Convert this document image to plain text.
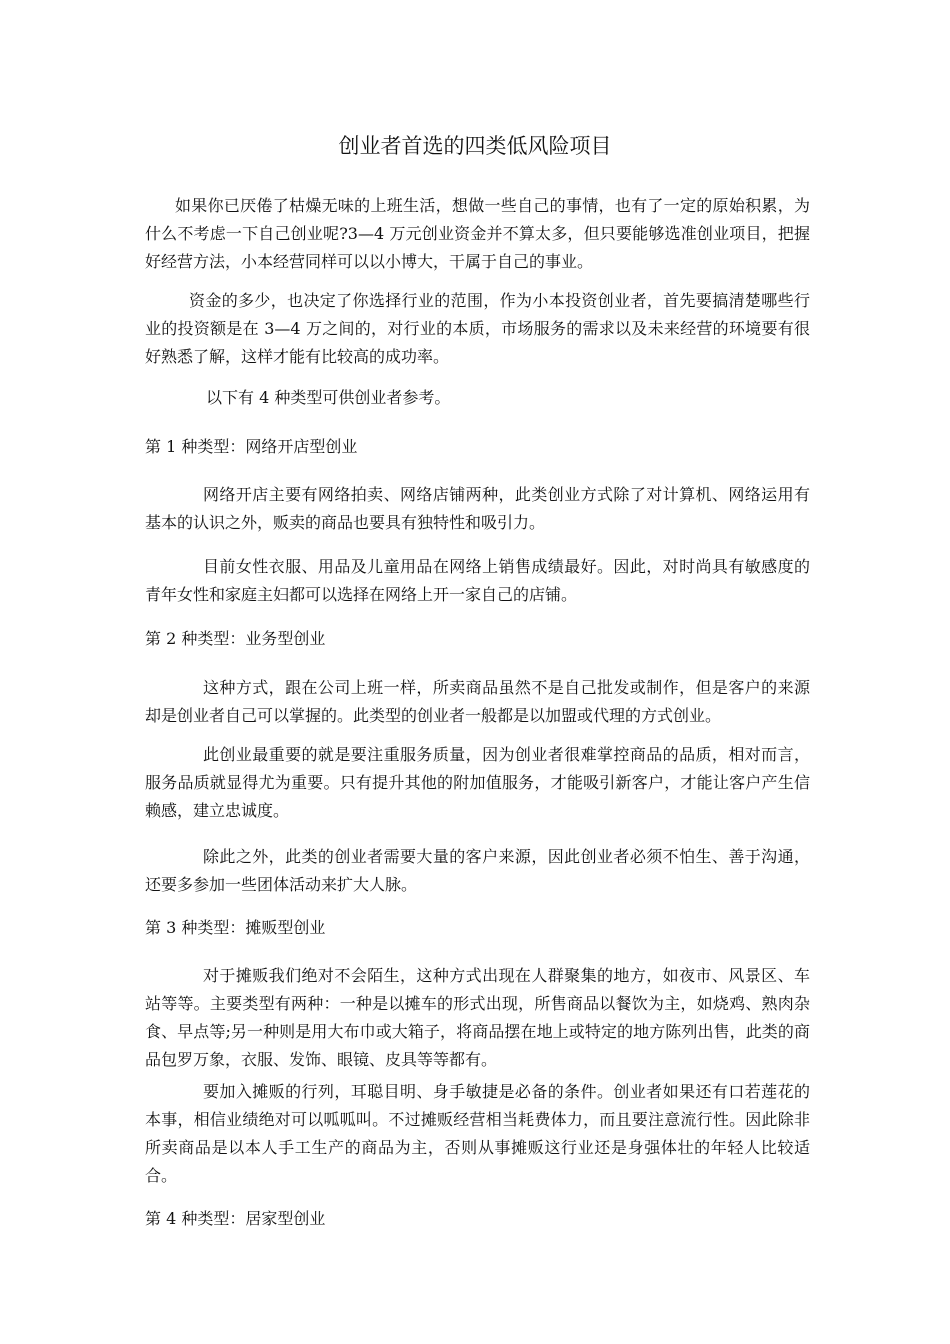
创业者首选的四类低风险项目

如果你已厌倦了枯燥无味的上班生活，想做一些自己的事情，也有了一定的原始积累，为什么不考虑一下自己创业呢?3—4 万元创业资金并不算太多，但只要能够选准创业项目，把握好经营方法，小本经营同样可以以小博大，干属于自己的事业。

资金的多少，也决定了你选择行业的范围，作为小本投资创业者，首先要搞清楚哪些行业的投资额是在 3—4 万之间的，对行业的本质，市场服务的需求以及未来经营的环境要有很好熟悉了解，这样才能有比较高的成功率。

以下有 4 种类型可供创业者参考。

第 1 种类型：网络开店型创业

网络开店主要有网络拍卖、网络店铺两种，此类创业方式除了对计算机、网络运用有基本的认识之外，贩卖的商品也要具有独特性和吸引力。

目前女性衣服、用品及儿童用品在网络上销售成绩最好。因此，对时尚具有敏感度的青年女性和家庭主妇都可以选择在网络上开一家自己的店铺。

第 2 种类型：业务型创业

这种方式，跟在公司上班一样，所卖商品虽然不是自己批发或制作，但是客户的来源却是创业者自己可以掌握的。此类型的创业者一般都是以加盟或代理的方式创业。

此创业最重要的就是要注重服务质量，因为创业者很难掌控商品的品质，相对而言，服务品质就显得尤为重要。只有提升其他的附加值服务，才能吸引新客户，才能让客户产生信赖感，建立忠诚度。

除此之外，此类的创业者需要大量的客户来源，因此创业者必须不怕生、善于沟通，还要多参加一些团体活动来扩大人脉。

第 3 种类型：摊贩型创业

对于摊贩我们绝对不会陌生，这种方式出现在人群聚集的地方，如夜市、风景区、车站等等。主要类型有两种：一种是以摊车的形式出现，所售商品以餐饮为主，如烧鸡、熟肉杂食、早点等;另一种则是用大布巾或大箱子，将商品摆在地上或特定的地方陈列出售，此类的商品包罗万象，衣服、发饰、眼镜、皮具等等都有。

要加入摊贩的行列，耳聪目明、身手敏捷是必备的条件。创业者如果还有口若莲花的本事，相信业绩绝对可以呱呱叫。不过摊贩经营相当耗费体力，而且要注意流行性。因此除非所卖商品是以本人手工生产的商品为主，否则从事摊贩这行业还是身强体壮的年轻人比较适合。

第 4 种类型：居家型创业
